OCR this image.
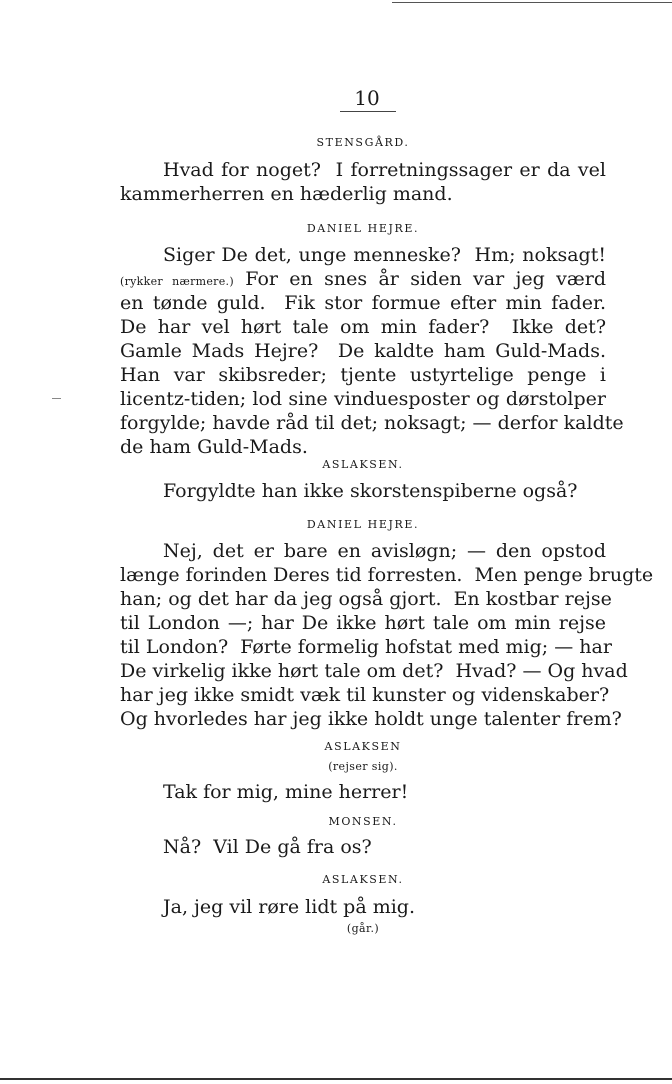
10
STENSGÅRD.
Hvad for noget?  I forretningssager er da vel
kammerherren en hæderlig mand.
DANIEL HEJRE.
Siger De det, unge menneske?  Hm; noksagt!
(rykker nærmere.) For en snes år siden var jeg værd
en tønde guld.  Fik stor formue efter min fader.
De har vel hørt tale om min fader?  Ikke det?
Gamle Mads Hejre?  De kaldte ham Guld-Mads.
Han var skibsreder; tjente ustyrtelige penge i
licentz-tiden; lod sine vinduesposter og dørstolper
forgylde; havde råd til det; noksagt; — derfor kaldte
de ham Guld-Mads.
ASLAKSEN.
Forgyldte han ikke skorstenspiberne også?
DANIEL HEJRE.
Nej, det er bare en avisløgn; — den opstod
længe forinden Deres tid forresten.  Men penge brugte
han; og det har da jeg også gjort.  En kostbar rejse
til London —; har De ikke hørt tale om min rejse
til London?  Førte formelig hofstat med mig; — har
De virkelig ikke hørt tale om det?  Hvad? — Og hvad
har jeg ikke smidt væk til kunster og videnskaber?
Og hvorledes har jeg ikke holdt unge talenter frem?
ASLAKSEN
(rejser sig).
Tak for mig, mine herrer!
MONSEN.
Nå?  Vil De gå fra os?
ASLAKSEN.
Ja, jeg vil røre lidt på mig.
(går.)
